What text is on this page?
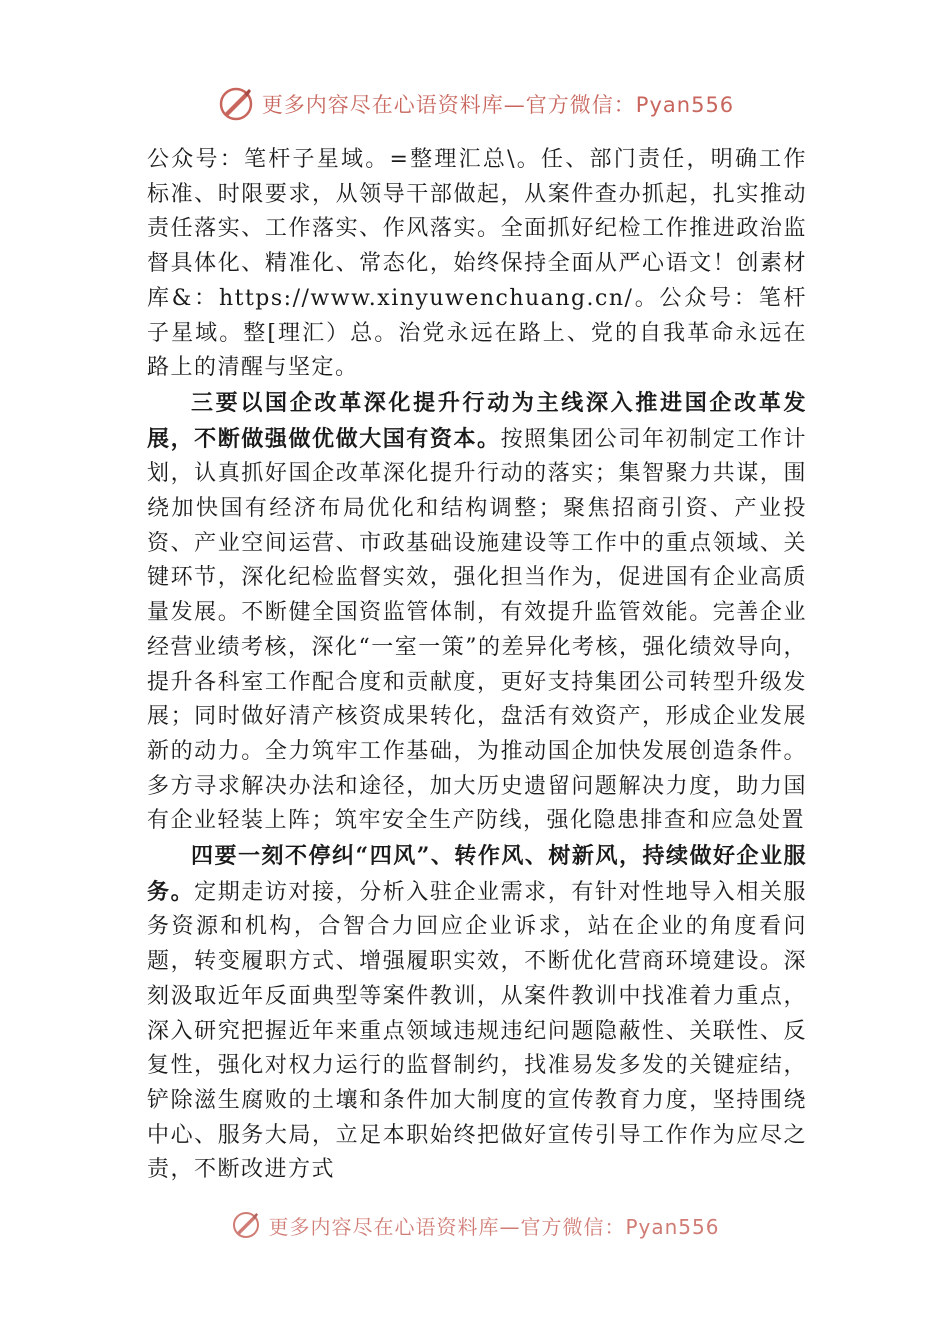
更多内容尽在心语资料库—官方微信：Pyan556

公众号：笔杆子星域。=整理汇总\。任、部门责任，明确工作标准、时限要求，从领导干部做起，从案件查办抓起，扎实推动责任落实、工作落实、作风落实。全面抓好纪检工作推进政治监督具体化、精准化、常态化，始终保持全面从严心语文！创素材库&：https://www.xinyuwenchuang.cn/。公众号：笔杆子星域。整[理汇）总。治党永远在路上、党的自我革命永远在路上的清醒与坚定。

三要以国企改革深化提升行动为主线深入推进国企改革发展，不断做强做优做大国有资本。按照集团公司年初制定工作计划，认真抓好国企改革深化提升行动的落实；集智聚力共谋，围绕加快国有经济布局优化和结构调整；聚焦招商引资、产业投资、产业空间运营、市政基础设施建设等工作中的重点领域、关键环节，深化纪检监督实效，强化担当作为，促进国有企业高质量发展。不断健全国资监管体制，有效提升监管效能。完善企业经营业绩考核，深化“一室一策”的差异化考核，强化绩效导向，提升各科室工作配合度和贡献度，更好支持集团公司转型升级发展；同时做好清产核资成果转化，盘活有效资产，形成企业发展新的动力。全力筑牢工作基础，为推动国企加快发展创造条件。多方寻求解决办法和途径，加大历史遗留问题解决力度，助力国有企业轻装上阵；筑牢安全生产防线，强化隐患排查和应急处置

四要一刻不停纠“四风”、转作风、树新风，持续做好企业服务。定期走访对接，分析入驻企业需求，有针对性地导入相关服务资源和机构，合智合力回应企业诉求，站在企业的角度看问题，转变履职方式、增强履职实效，不断优化营商环境建设。深刻汲取近年反面典型等案件教训，从案件教训中找准着力重点，深入研究把握近年来重点领域违规违纪问题隐蔽性、关联性、反复性，强化对权力运行的监督制约，找准易发多发的关键症结，铲除滋生腐败的土壤和条件加大制度的宣传教育力度，坚持围绕中心、服务大局，立足本职始终把做好宣传引导工作作为应尽之责，不断改进方式

更多内容尽在心语资料库—官方微信：Pyan556
